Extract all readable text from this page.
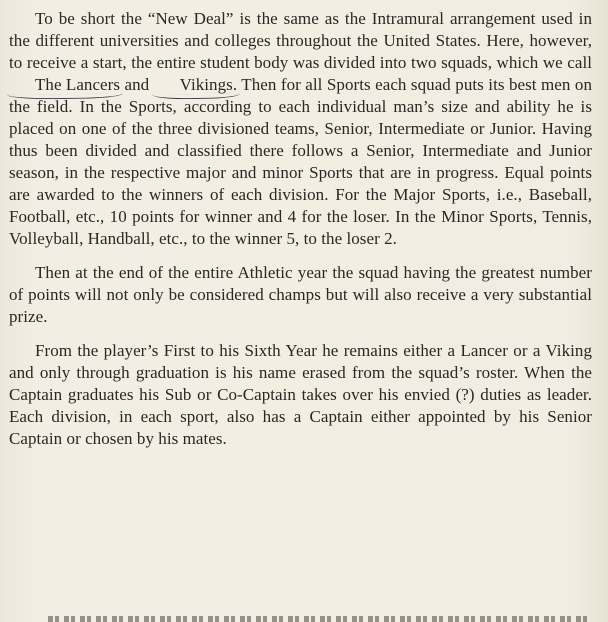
To be short the “New Deal” is the same as the Intramural arrangement used in the different universities and colleges throughout the United States. Here, however, to receive a start, the entire student body was divided into two squads, which we call The Lancers and Vikings. Then for all Sports each squad puts its best men on the field. In the Sports, according to each individual man’s size and ability he is placed on one of the three divisioned teams, Senior, Intermediate or Junior. Having thus been divided and classified there follows a Senior, Intermediate and Junior season, in the respective major and minor Sports that are in progress. Equal points are awarded to the winners of each division. For the Major Sports, i.e., Baseball, Football, etc., 10 points for winner and 4 for the loser. In the Minor Sports, Tennis, Volleyball, Handball, etc., to the winner 5, to the loser 2.

Then at the end of the entire Athletic year the squad having the greatest number of points will not only be considered champs but will also receive a very substantial prize.

From the player’s First to his Sixth Year he remains either a Lancer or a Viking and only through graduation is his name erased from the squad’s roster. When the Captain graduates his Sub or Co-Captain takes over his envied (?) duties as leader. Each division, in each sport, also has a Captain either appointed by his Senior Captain or chosen by his mates.
